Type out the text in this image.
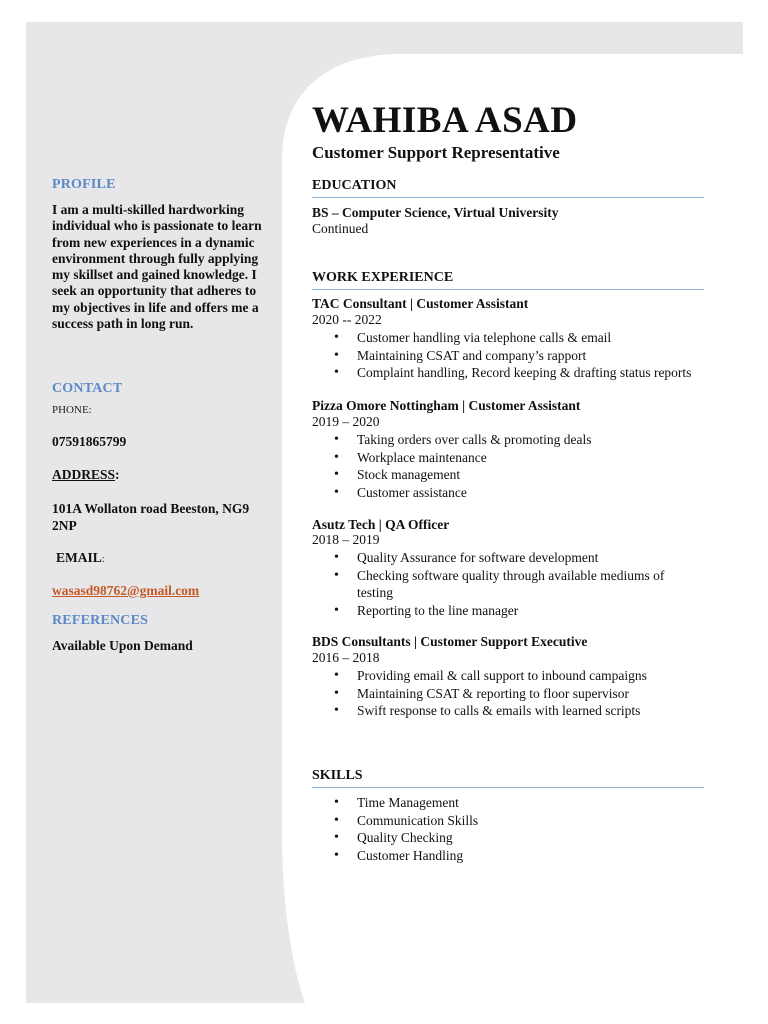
PROFILE

I am a multi-skilled hardworking individual who is passionate to learn from new experiences in a dynamic environment through fully applying my skillset and gained knowledge. I seek an opportunity that adheres to my objectives in life and offers me a success path in long run.

CONTACT
PHONE:
07591865799
ADDRESS:
101A Wollaton road Beeston, NG9 2NP
EMAIL:
wasasd98762@gmail.com
REFERENCES
Available Upon Demand
WAHIBA ASAD
Customer Support Representative
EDUCATION
BS – Computer Science, Virtual University
Continued
WORK EXPERIENCE
TAC Consultant | Customer Assistant
2020 -- 2022
• Customer handling via telephone calls & email
• Maintaining CSAT and company’s rapport
• Complaint handling, Record keeping & drafting status reports
Pizza Omore Nottingham | Customer Assistant
2019 – 2020
• Taking orders over calls & promoting deals
• Workplace maintenance
• Stock management
• Customer assistance
Asutz Tech | QA Officer
2018 – 2019
• Quality Assurance for software development
• Checking software quality through available mediums of testing
• Reporting to the line manager
BDS Consultants | Customer Support Executive
2016 – 2018
• Providing email & call support to inbound campaigns
• Maintaining CSAT & reporting to floor supervisor
• Swift response to calls & emails with learned scripts
SKILLS
• Time Management
• Communication Skills
• Quality Checking
• Customer Handling
